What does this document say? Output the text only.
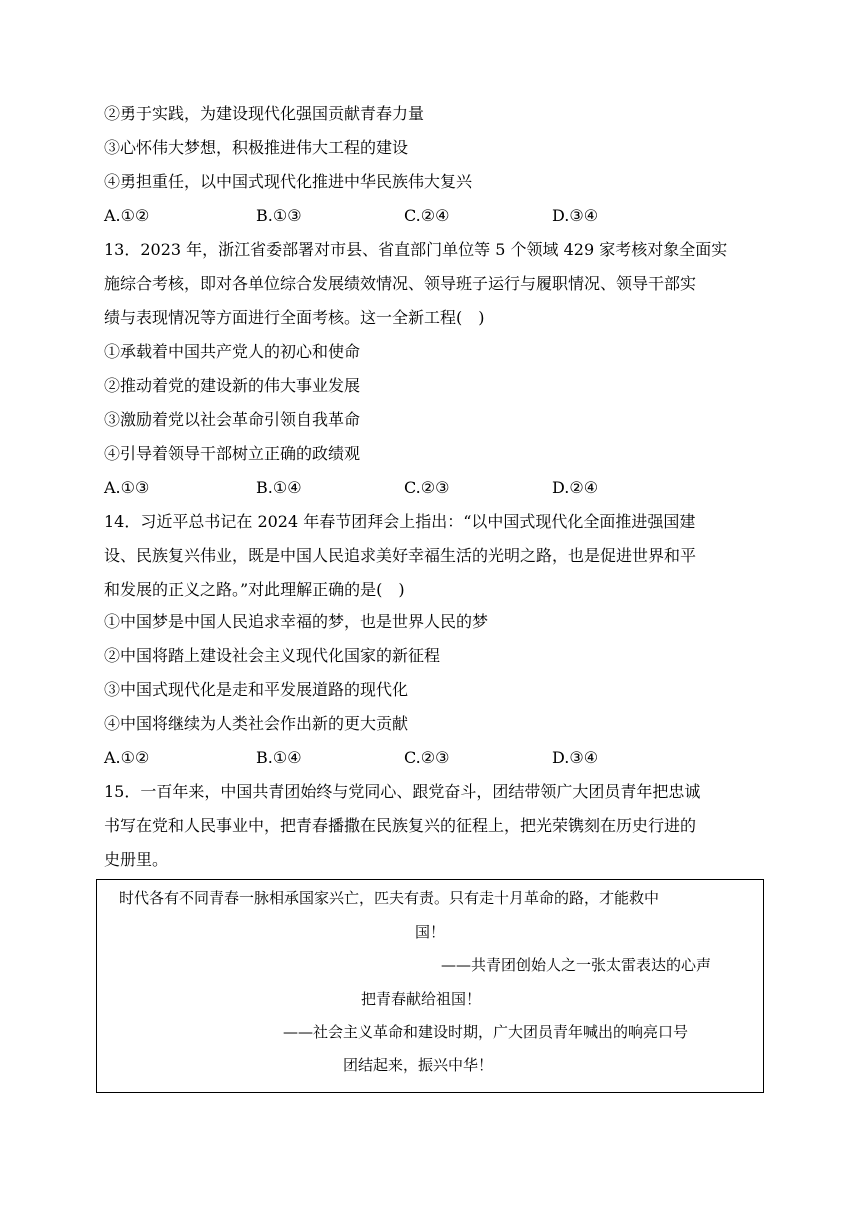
②勇于实践，为建设现代化强国贡献青春力量
③心怀伟大梦想，积极推进伟大工程的建设
④勇担重任，以中国式现代化推进中华民族伟大复兴
A.①②	B.①③	C.②④	D.③④
13．2023 年，浙江省委部署对市县、省直部门单位等 5 个领域 429 家考核对象全面实
施综合考核，即对各单位综合发展绩效情况、领导班子运行与履职情况、领导干部实
绩与表现情况等方面进行全面考核。这一全新工程(　)
①承载着中国共产党人的初心和使命
②推动着党的建设新的伟大事业发展
③激励着党以社会革命引领自我革命
④引导着领导干部树立正确的政绩观
A.①③	B.①④	C.②③	D.②④
14．习近平总书记在 2024 年春节团拜会上指出：“以中国式现代化全面推进强国建
设、民族复兴伟业，既是中国人民追求美好幸福生活的光明之路，也是促进世界和平
和发展的正义之路。”对此理解正确的是(　)
①中国梦是中国人民追求幸福的梦，也是世界人民的梦
②中国将踏上建设社会主义现代化国家的新征程
③中国式现代化是走和平发展道路的现代化
④中国将继续为人类社会作出新的更大贡献
A.①②	B.①④	C.②③	D.③④
15．一百年来，中国共青团始终与党同心、跟党奋斗，团结带领广大团员青年把忠诚
书写在党和人民事业中，把青春播撒在民族复兴的征程上，把光荣镌刻在历史行进的
史册里。
时代各有不同青春一脉相承国家兴亡，匹夫有责。只有走十月革命的路，才能救中
国！
——共青团创始人之一张太雷表达的心声
把青春献给祖国！
——社会主义革命和建设时期，广大团员青年喊出的响亮口号
团结起来，振兴中华！
